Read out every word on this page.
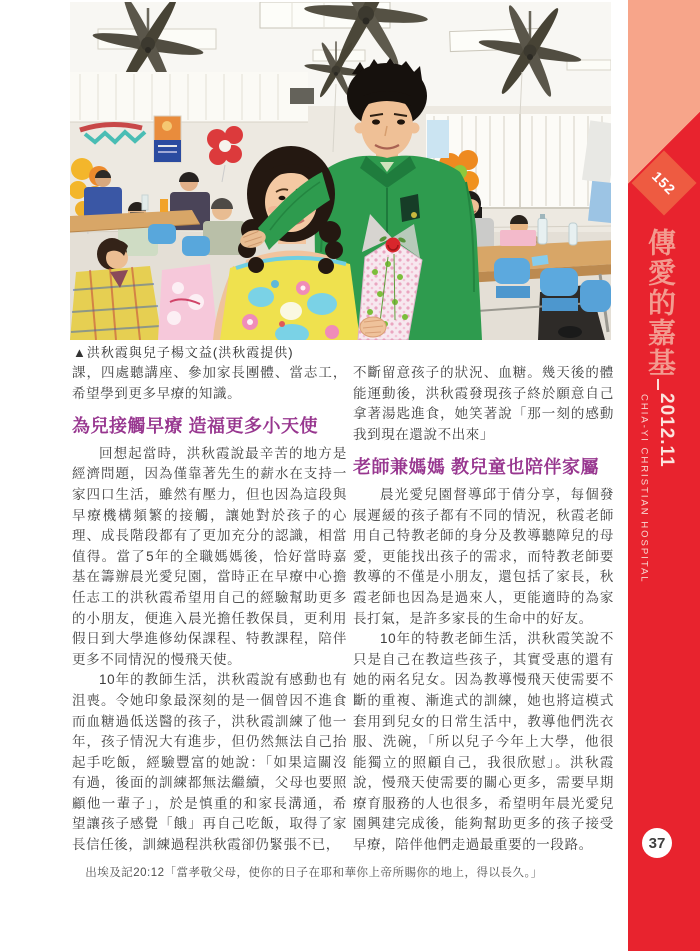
▲洪秋霞與兒子楊文益(洪秋霞提供)

課，四處聽講座、參加家長團體、當志工，希望學到更多早療的知識。

為兒接觸早療 造福更多小天使

回想起當時，洪秋霞說最辛苦的地方是經濟問題，因為僅靠著先生的薪水在支持一家四口生活，雖然有壓力，但也因為這段與早療機構頻繁的接觸，讓她對於孩子的心理、成長階段都有了更加充分的認識，相當值得。當了5年的全職媽媽後，恰好當時嘉基在籌辦晨光愛兒園，當時正在早療中心擔任志工的洪秋霞希望用自己的經驗幫助更多的小朋友，便進入晨光擔任教保員，更利用假日到大學進修幼保課程、特教課程，陪伴更多不同情況的慢飛天使。

10年的教師生活，洪秋霞說有感動也有沮喪。令她印象最深刻的是一個曾因不進食而血糖過低送醫的孩子，洪秋霞訓練了他一年，孩子情況大有進步，但仍然無法自己抬起手吃飯，經驗豐富的她說：「如果這關沒有過，後面的訓練都無法繼續，父母也要照顧他一輩子」，於是慎重的和家長溝通，希望讓孩子感覺「餓」再自己吃飯，取得了家長信任後，訓練過程洪秋霞卻仍緊張不已，

不斷留意孩子的狀況、血糖。幾天後的體能運動後，洪秋霞發現孩子終於願意自己拿著湯匙進食，她笑著說「那一刻的感動我到現在還說不出來」

老師兼媽媽 教兒童也陪伴家屬

晨光愛兒園督導邱于倩分享，每個發展遲緩的孩子都有不同的情況，秋霞老師用自己特教老師的身分及教導聽障兒的母愛，更能找出孩子的需求，而特教老師要教導的不僅是小朋友，還包括了家長，秋霞老師也因為是過來人，更能適時的為家長打氣，是許多家長的生命中的好友。

10年的特教老師生活，洪秋霞笑說不只是自己在教這些孩子，其實受惠的還有她的兩名兒女。因為教導慢飛天使需要不斷的重複、漸進式的訓練，她也將這模式套用到兒女的日常生活中，教導他們洗衣服、洗碗，「所以兒子今年上大學，他很能獨立的照顧自己，我很欣慰」。洪秋霞說，慢飛天使需要的關心更多，需要早期療育服務的人也很多，希望明年晨光愛兒園興建完成後，能夠幫助更多的孩子接受早療，陪伴他們走過最重要的一段路。

出埃及記20:12「當孝敬父母，使你的日子在耶和華你上帝所賜你的地上，得以長久。」
152
傳愛的嘉基
2012.11
CHIA-YI CHRISTIAN HOSPITAL
37
